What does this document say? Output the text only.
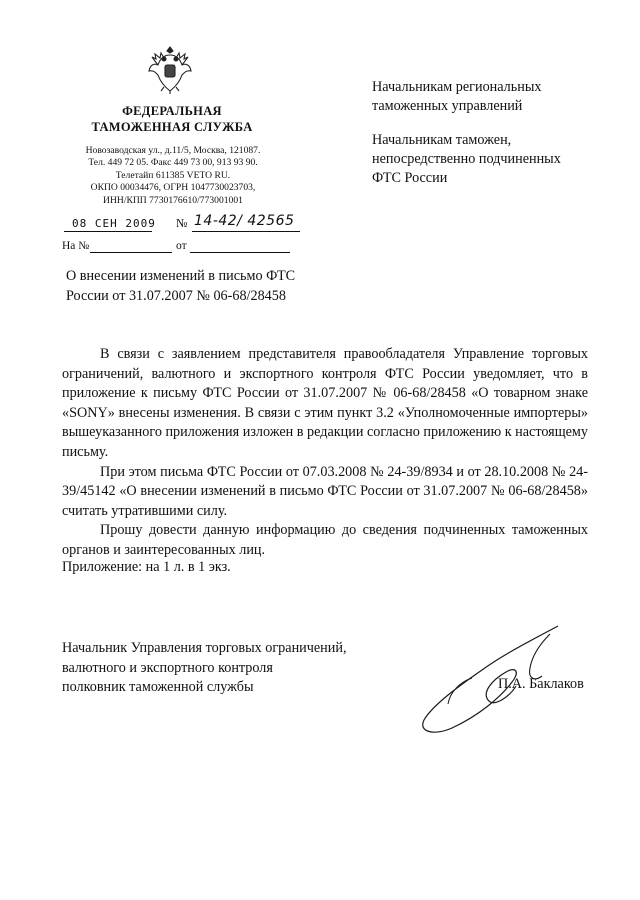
ФЕДЕРАЛЬНАЯ
ТАМОЖЕННАЯ СЛУЖБА
Новозаводская ул., д.11/5, Москва, 121087.
Тел. 449 72 05. Факс 449 73 00, 913 93 90.
Телетайп 611385 VETO RU.
ОКПО 00034476, ОГРН 1047730023703,
ИНН/КПП 7730176610/773001001
08 СЕН 2009 № 14-42/ 42565
На №	от
О внесении изменений в письмо ФТС
России от 31.07.2007 № 06-68/28458
Начальникам региональных
таможенных управлений
Начальникам таможен,
непосредственно подчиненных
ФТС России

В связи с заявлением представителя правообладателя Управление торговых ограничений, валютного и экспортного контроля ФТС России уведомляет, что в приложение к письму ФТС России от 31.07.2007 № 06-68/28458 «О товарном знаке «SONY» внесены изменения. В связи с этим пункт 3.2 «Уполномоченные импортеры» вышеуказанного приложения изложен в редакции согласно приложению к настоящему письму.

При этом письма ФТС России от 07.03.2008 № 24-39/8934 и от 28.10.2008 № 24-39/45142 «О внесении изменений в письмо ФТС России от 31.07.2007 № 06-68/28458» считать утратившими силу.

Прошу довести данную информацию до сведения подчиненных таможенных органов и заинтересованных лиц.

Приложение: на 1 л. в 1 экз.
Начальник Управления торговых ограничений,
валютного и экспортного контроля
полковник таможенной службы	П.А. Баклаков
